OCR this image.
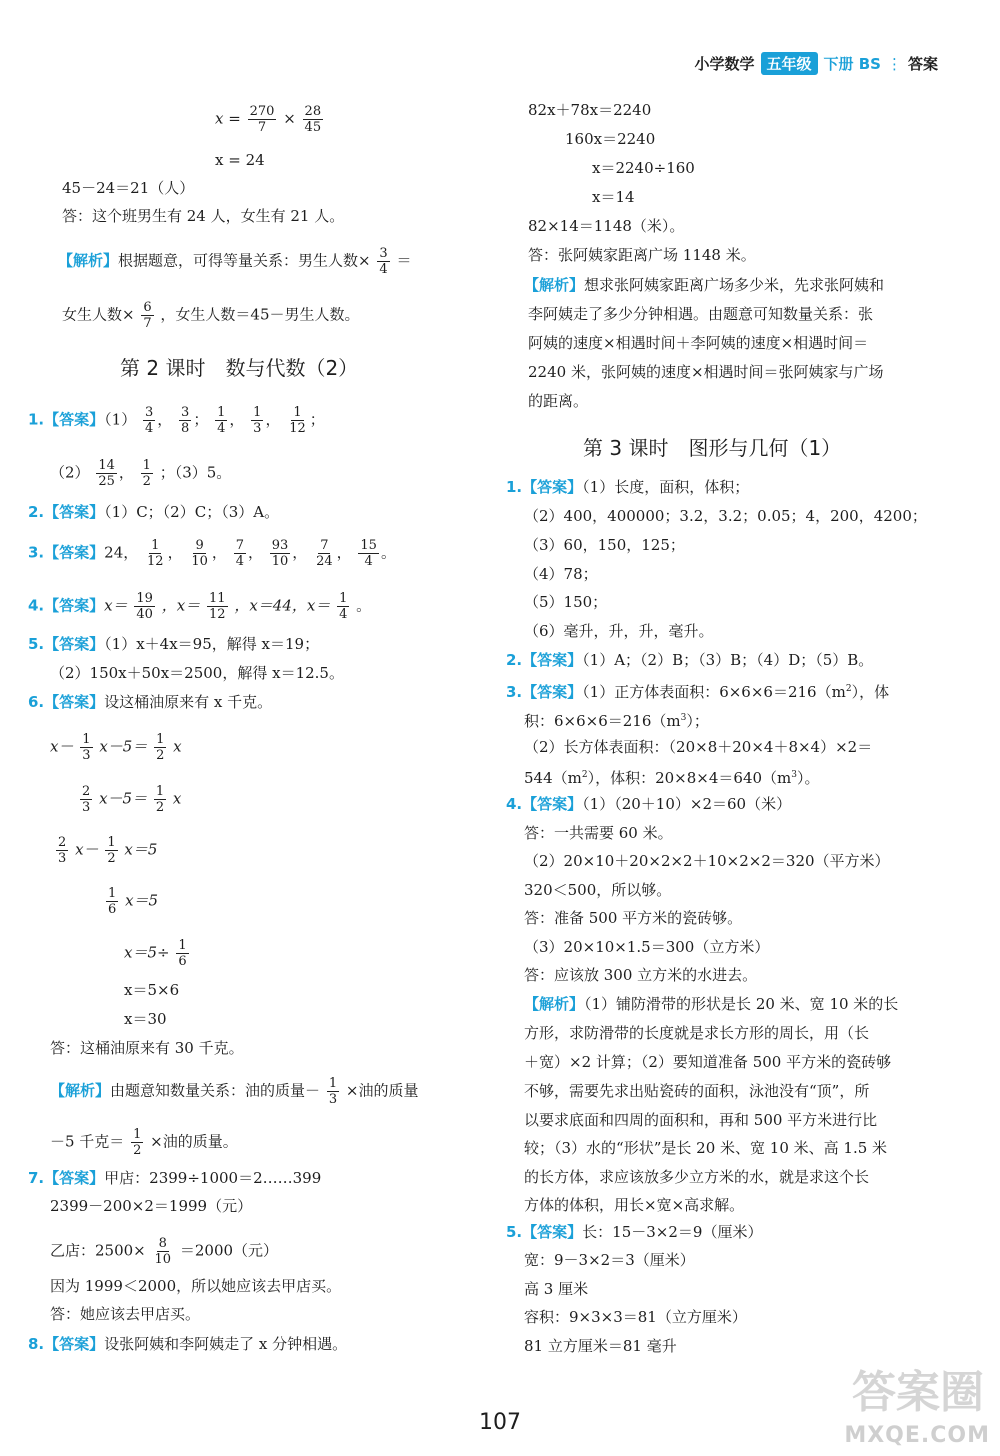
小学数学 五年级 下册 BS ⋮ 答案
$x = \frac{270}{7} \times \frac{28}{45}$
x = 24
45－24＝21（人）
答：这个班男生有 24 人，女生有 21 人。
【解析】根据题意，可得等量关系：男生人数× $\frac{3}{4}$ ＝
女生人数× $\frac{6}{7}$ ，女生人数＝45－男生人数。
第 2 课时　数与代数（2）
1.【答案】$(1) \frac{3}{4}$ ， $\frac{3}{8}$ ； $\frac{1}{4}$ ， $\frac{1}{3}$ ， $\frac{1}{12}$ ；
$(2) \frac{14}{25}$ ， $\frac{1}{2}$ ；（3）5。
2.【答案】（1）C；（2）C；（3）A。
3.【答案】24， $\frac{1}{12}$ ， $\frac{9}{10}$ ， $\frac{7}{4}$ ， $\frac{93}{10}$ ， $\frac{7}{24}$ ， $\frac{15}{4}$ 。
4.【答案】$x= \frac{19}{40}$ ，$x= \frac{11}{12}$ ，x＝44，$x= \frac{1}{4}$ 。
5.【答案】（1）x＋4x＝95，解得 x＝19；
（2）150x＋50x＝2500，解得 x＝12.5。
6.【答案】设这桶油原来有 x 千克。
$x- \frac{1}{3} x-5= \frac{1}{2}$ x
$\frac{2}{3} x-5= \frac{1}{2}$ x
$\frac{2}{3} x- \frac{1}{2} x=5$
$\frac{1}{6} x=5$
$x=5\div \frac{1}{6}$
x＝5×6
x＝30
答：这桶油原来有 30 千克。
【解析】由题意知数量关系：油的质量－ $\frac{1}{3}$ ×油的质量
－5 千克＝ $\frac{1}{2}$ ×油的质量。
7.【答案】甲店：2399÷1000＝2……399
2399－200×2＝1999（元）
乙店：$2500\times \frac{8}{10} =2000$（元）
因为 1999＜2000，所以她应该去甲店买。
答：她应该去甲店买。
8.【答案】设张阿姨和李阿姨走了 x 分钟相遇。
82x＋78x＝2240
160x＝2240
x＝2240÷160
x＝14
82×14＝1148（米）。
答：张阿姨家距离广场 1148 米。
【解析】想求张阿姨家距离广场多少米，先求张阿姨和
李阿姨走了多少分钟相遇。由题意可知数量关系：张
阿姨的速度×相遇时间＋李阿姨的速度×相遇时间＝
2240 米，张阿姨的速度×相遇时间＝张阿姨家与广场
的距离。
第 3 课时　图形与几何（1）
1.【答案】（1）长度，面积，体积；
（2）400，400000；3.2，3.2；0.05；4，200，4200；
（3）60，150，125；
（4）78；
（5）150；
（6）毫升，升，升，毫升。
2.【答案】（1）A；（2）B；（3）B；（4）D；（5）B。
3.【答案】（1）正方体表面积：$6\times 6\times 6=216(m^2)$，体
积：$6\times 6\times 6=216(m^3)$；
（2）长方体表面积：（20×8＋20×4＋8×4）×2＝
$544(m^2)$，体积：$20\times 8\times 4=640(m^3)$。
4.【答案】（1）（20＋10）×2＝60（米）
答：一共需要 60 米。
（2）20×10＋20×2×2＋10×2×2＝320（平方米）
320＜500，所以够。
答：准备 500 平方米的瓷砖够。
（3）20×10×1.5＝300（立方米）
答：应该放 300 立方米的水进去。
【解析】（1）铺防滑带的形状是长 20 米、宽 10 米的长
方形，求防滑带的长度就是求长方形的周长，用（长
＋宽）×2 计算；（2）要知道准备 500 平方米的瓷砖够
不够，需要先求出贴瓷砖的面积，泳池没有“顶”，所
以要求底面和四周的面积和，再和 500 平方米进行比
较；（3）水的“形状”是长 20 米、宽 10 米、高 1.5 米
的长方体，求应该放多少立方米的水，就是求这个长
方体的体积，用长×宽×高求解。
5.【答案】长：15－3×2＝9（厘米）
宽：9－3×2＝3（厘米）
高 3 厘米
容积：9×3×3＝81（立方厘米）
81 立方厘米＝81 毫升
107
答案圈
MXQE.COM
